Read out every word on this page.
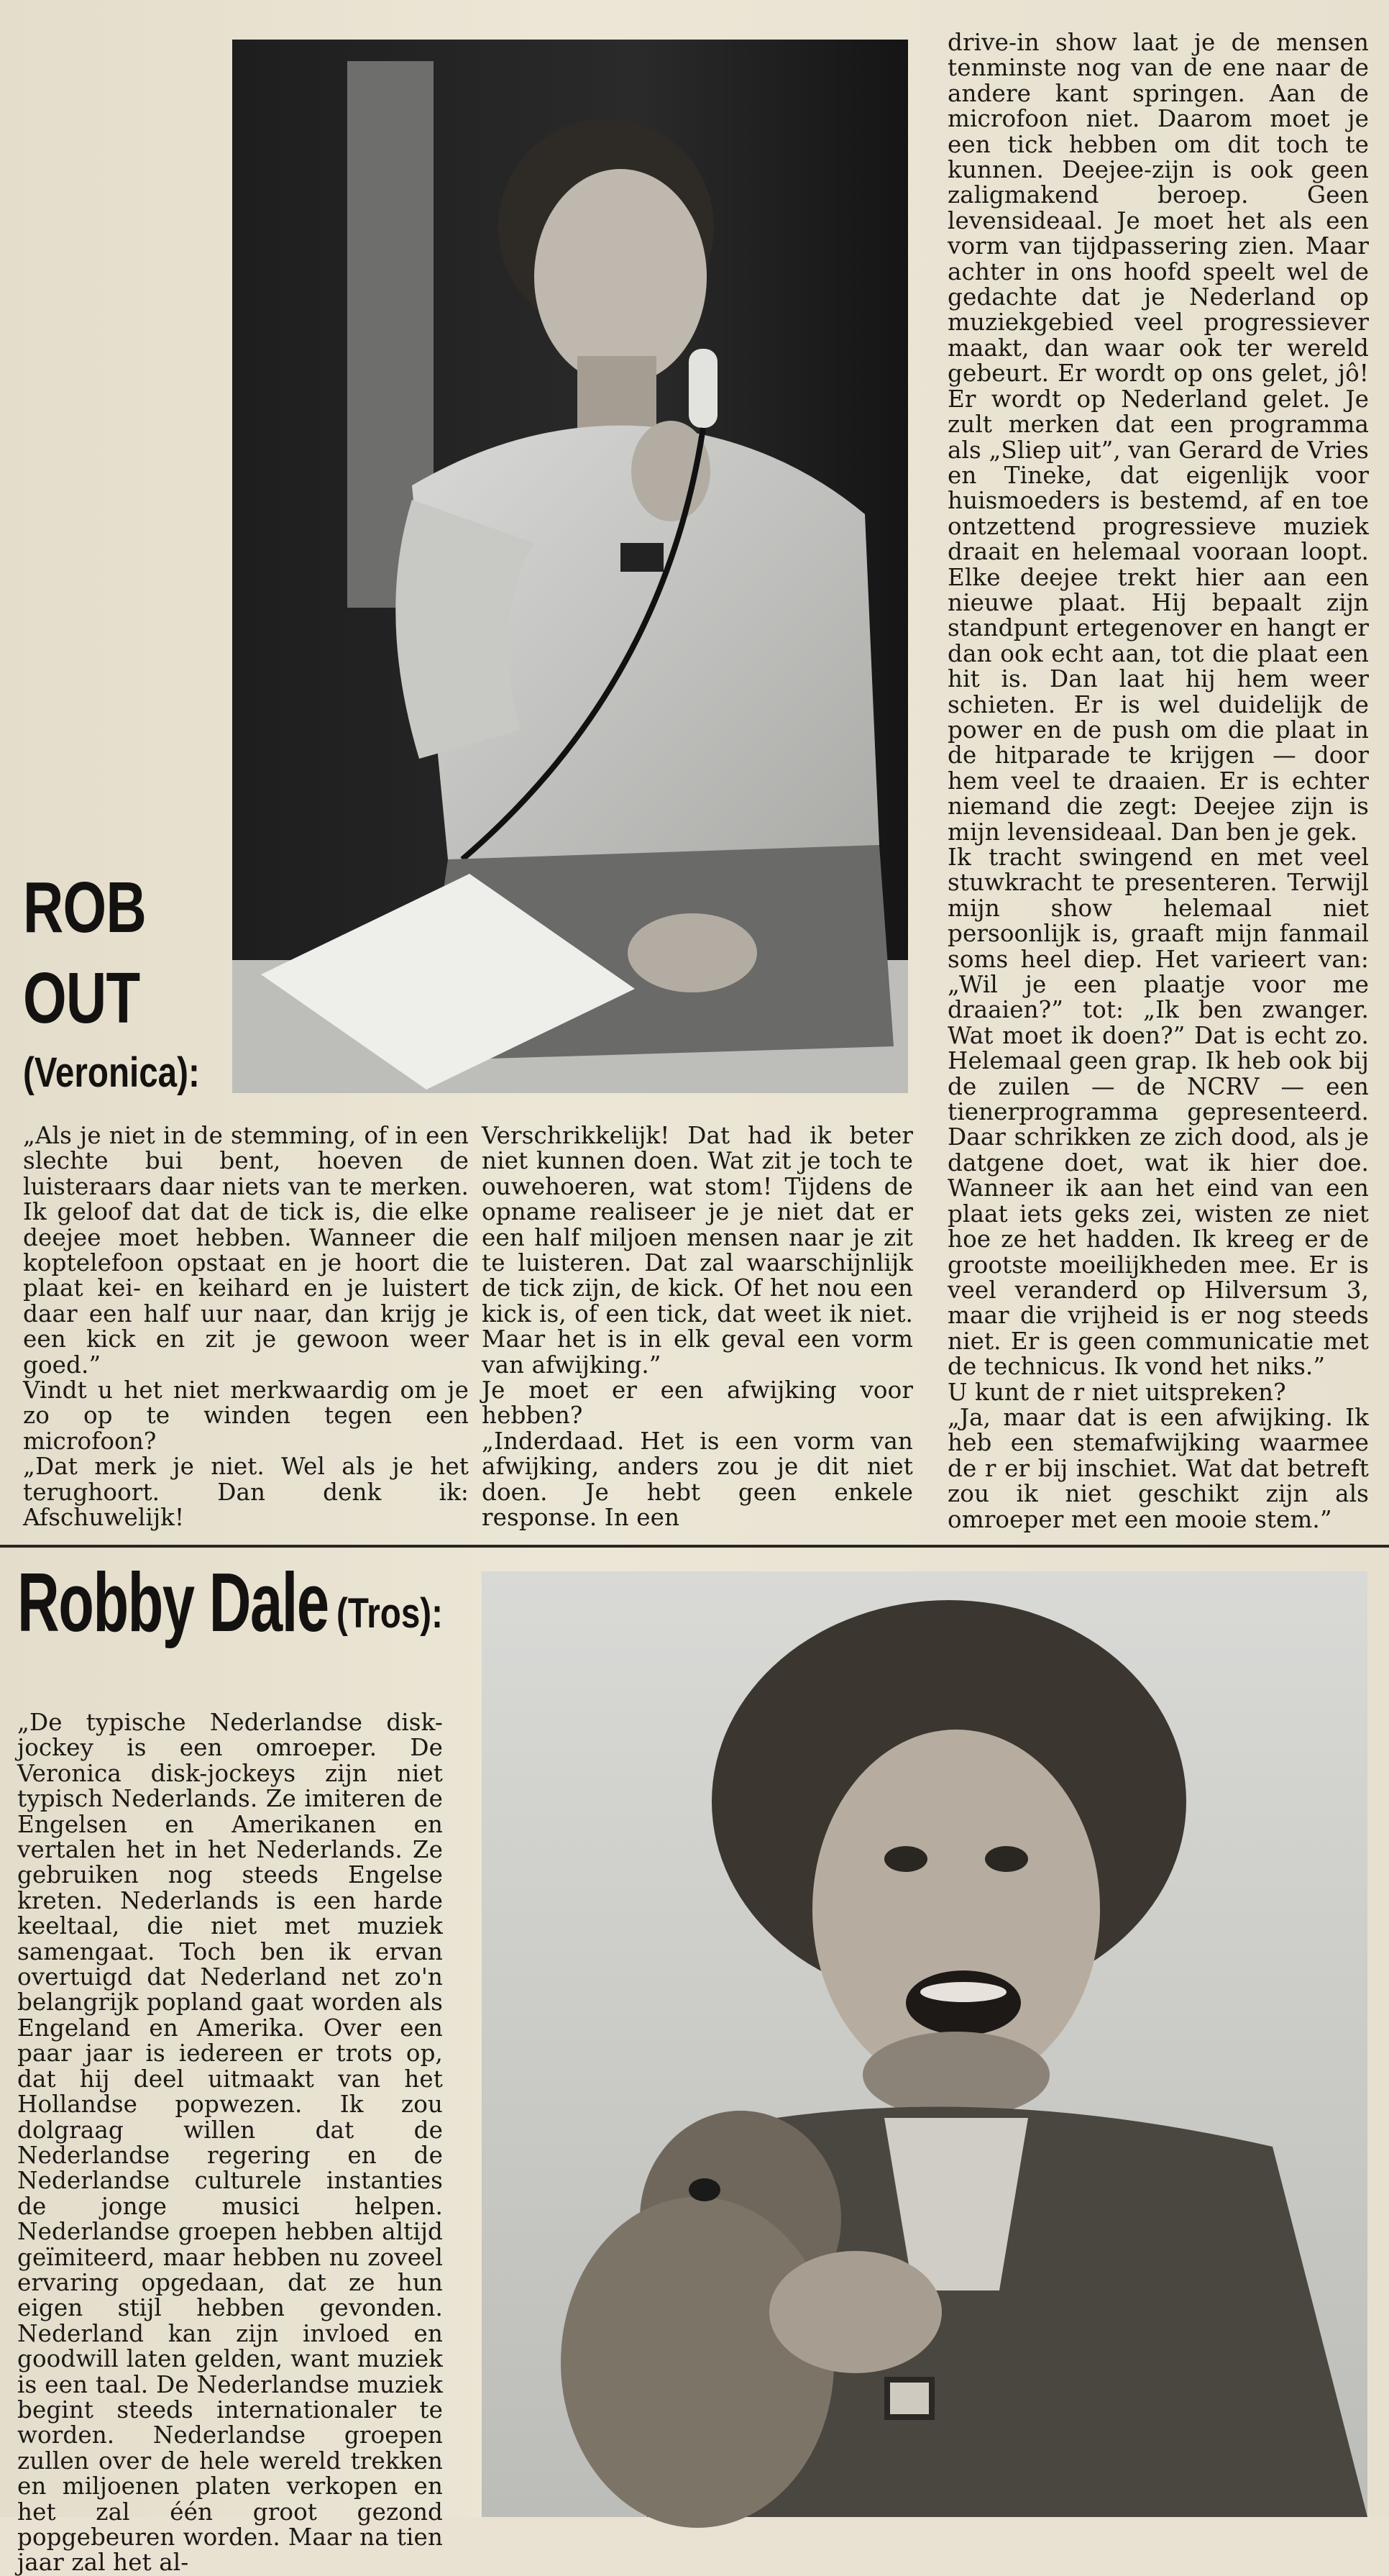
ROB
OUT
(Veronica):

„Als je niet in de stemming, of in een slechte bui bent, hoeven de luisteraars daar niets van te merken. Ik geloof dat dat de tick is, die elke deejee moet hebben. Wanneer die koptelefoon opstaat en je hoort die plaat kei- en keihard en je luistert daar een half uur naar, dan krijg je een kick en zit je gewoon weer goed.”

Vindt u het niet merkwaardig om je zo op te winden tegen een microfoon?

„Dat merk je niet. Wel als je het terughoort. Dan denk ik: Afschuwelijk!

Verschrikkelijk! Dat had ik beter niet kunnen doen. Wat zit je toch te ouwehoeren, wat stom! Tijdens de opname realiseer je je niet dat er een half miljoen mensen naar je zit te luisteren. Dat zal waarschijnlijk de tick zijn, de kick. Of het nou een kick is, of een tick, dat weet ik niet. Maar het is in elk geval een vorm van afwijking.”

Je moet er een afwijking voor hebben?

„Inderdaad. Het is een vorm van afwijking, anders zou je dit niet doen. Je hebt geen enkele response. In een

drive-in show laat je de mensen tenminste nog van de ene naar de andere kant springen. Aan de microfoon niet. Daarom moet je een tick hebben om dit toch te kunnen. Deejee-zijn is ook geen zaligmakend beroep. Geen levensideaal. Je moet het als een vorm van tijdpassering zien. Maar achter in ons hoofd speelt wel de gedachte dat je Nederland op muziekgebied veel progressiever maakt, dan waar ook ter wereld gebeurt. Er wordt op ons gelet, jô! Er wordt op Nederland gelet. Je zult merken dat een programma als „Sliep uit”, van Gerard de Vries en Tineke, dat eigenlijk voor huismoeders is bestemd, af en toe ontzettend progressieve muziek draait en helemaal vooraan loopt. Elke deejee trekt hier aan een nieuwe plaat. Hij bepaalt zijn standpunt ertegenover en hangt er dan ook echt aan, tot die plaat een hit is. Dan laat hij hem weer schieten. Er is wel duidelijk de power en de push om die plaat in de hitparade te krijgen — door hem veel te draaien. Er is echter niemand die zegt: Deejee zijn is mijn levensideaal. Dan ben je gek.

Ik tracht swingend en met veel stuwkracht te presenteren. Terwijl mijn show helemaal niet persoonlijk is, graaft mijn fanmail soms heel diep. Het varieert van: „Wil je een plaatje voor me draaien?” tot: „Ik ben zwanger. Wat moet ik doen?” Dat is echt zo. Helemaal geen grap. Ik heb ook bij de zuilen — de NCRV — een tienerprogramma gepresenteerd. Daar schrikken ze zich dood, als je datgene doet, wat ik hier doe. Wanneer ik aan het eind van een plaat iets geks zei, wisten ze niet hoe ze het hadden. Ik kreeg er de grootste moeilijkheden mee. Er is veel veranderd op Hilversum 3, maar die vrijheid is er nog steeds niet. Er is geen communicatie met de technicus. Ik vond het niks.”

U kunt de r niet uitspreken?

„Ja, maar dat is een afwijking. Ik heb een stemafwijking waarmee de r er bij inschiet. Wat dat betreft zou ik niet geschikt zijn als omroeper met een mooie stem.”

Robby Dale (Tros):

„De typische Nederlandse disk-jockey is een omroeper. De Veronica disk-jockeys zijn niet typisch Nederlands. Ze imiteren de Engelsen en Amerikanen en vertalen het in het Nederlands. Ze gebruiken nog steeds Engelse kreten. Nederlands is een harde keeltaal, die niet met muziek samengaat. Toch ben ik ervan overtuigd dat Nederland net zo'n belangrijk popland gaat worden als Engeland en Amerika. Over een paar jaar is iedereen er trots op, dat hij deel uitmaakt van het Hollandse popwezen. Ik zou dolgraag willen dat de Nederlandse regering en de Nederlandse culturele instanties de jonge musici helpen. Nederlandse groepen hebben altijd geïmiteerd, maar hebben nu zoveel ervaring opgedaan, dat ze hun eigen stijl hebben gevonden. Nederland kan zijn invloed en goodwill laten gelden, want muziek is een taal. De Nederlandse muziek begint steeds internationaler te worden. Nederlandse groepen zullen over de hele wereld trekken en miljoenen platen verkopen en het zal één groot gezond popgebeuren worden. Maar na tien jaar zal het al-
